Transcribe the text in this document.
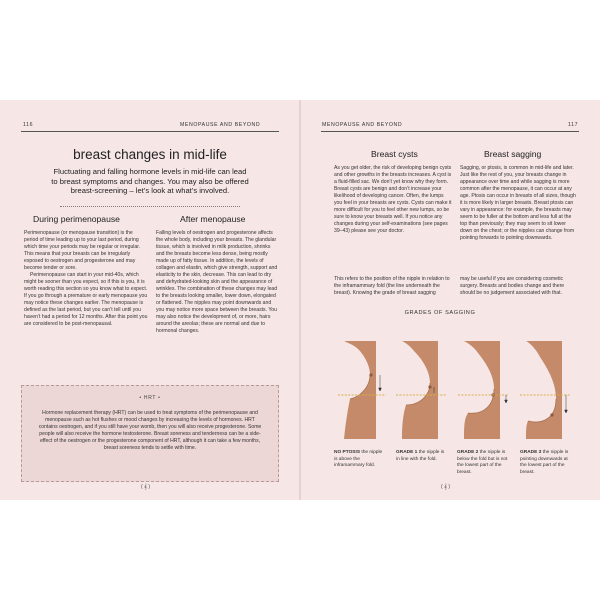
116	MENOPAUSE AND BEYOND
breast changes in mid-life
Fluctuating and falling hormone levels in mid-life can lead to breast symptoms and changes. You may also be offered breast-screening – let’s look at what’s involved.
During perimenopause

Perimenopause (or menopause transition) is the period of time leading up to your last period, during which time your periods may be regular or irregular. This means that your breasts can be irregularly exposed to oestrogen and progesterone and may become tender or sore.

Perimenopause can start in your mid-40s, which might be sooner than you expect, so if this is you, it is worth reading this section so you know what to expect. If you go through a premature or early menopause you may notice these changes earlier. The menopause is defined as the last period, but you can’t tell until you haven’t had a period for 12 months. After this point you are considered to be post-menopausal.

After menopause

Falling levels of oestrogen and progesterone affects the whole body, including your breasts. The glandular tissue, which is involved in milk production, shrinks and the breasts become less dense, being mostly made up of fatty tissue. In addition, the levels of collagen and elastin, which give strength, support and elasticity to the skin, decrease. This can lead to dry and dehydrated-looking skin and the appearance of wrinkles. The combination of these changes may lead to the breasts looking smaller, lower down, elongated or flattened. The nipples may point downwards and you may notice more space between the breasts. You may also notice the development of, or more, hairs around the areolas; these are normal and due to hormonal changes.

• HRT •
Hormone replacement therapy (HRT) can be used to treat symptoms of the perimenopause and menopause such as hot flushes or mood changes by increasing the levels of hormones. HRT contains oestrogen, and if you still have your womb, then you will also receive progesterone. Some people will also receive the hormone testosterone. Breast soreness and tenderness can be a side-effect of the oestrogen or the progesterone component of HRT, although it can take a few months, breast soreness tends to settle with time.
( 𝄞 )
MENOPAUSE AND BEYOND	117
Breast cysts

As you get older, the risk of developing benign cysts and other growths in the breasts increases. A cyst is a fluid-filled sac. We don’t yet know why they form. Breast cysts are benign and don’t increase your likelihood of developing cancer. Often, the lumps you feel in your breasts are cysts. Cysts can make it more difficult for you to feel other new lumps, so be sure to know your breasts well. If you notice any changes during your self-examinations (see pages 39–43) please see your doctor.

Breast sagging

Sagging, or ptosis, is common in mid-life and later. Just like the rest of you, your breasts change in appearance over time and while sagging is more common after the menopause, it can occur at any age. Ptosis can occur in breasts of all sizes, though it is more likely in larger breasts. Breast ptosis can vary in appearance: for example, the breasts may seem to be fuller at the bottom and less full at the top than previously; they may seem to sit lower down on the chest; or the nipples can change from pointing forwards to pointing downwards.

This refers to the position of the nipple in relation to the inframammary fold (the line underneath the breast). Knowing the grade of breast sagging
may be useful if you are considering cosmetic surgery. Breasts and bodies change and there should be no judgement associated with that.
GRADES OF SAGGING
NO PTOSIS the nipple is above the inframammary fold.
GRADE 1 the nipple is in line with the fold.
GRADE 2 the nipple is below the fold but is not the lowest part of the breast.
GRADE 3 the nipple is pointing downwards at the lowest part of the breast.
( 𝄞 )
